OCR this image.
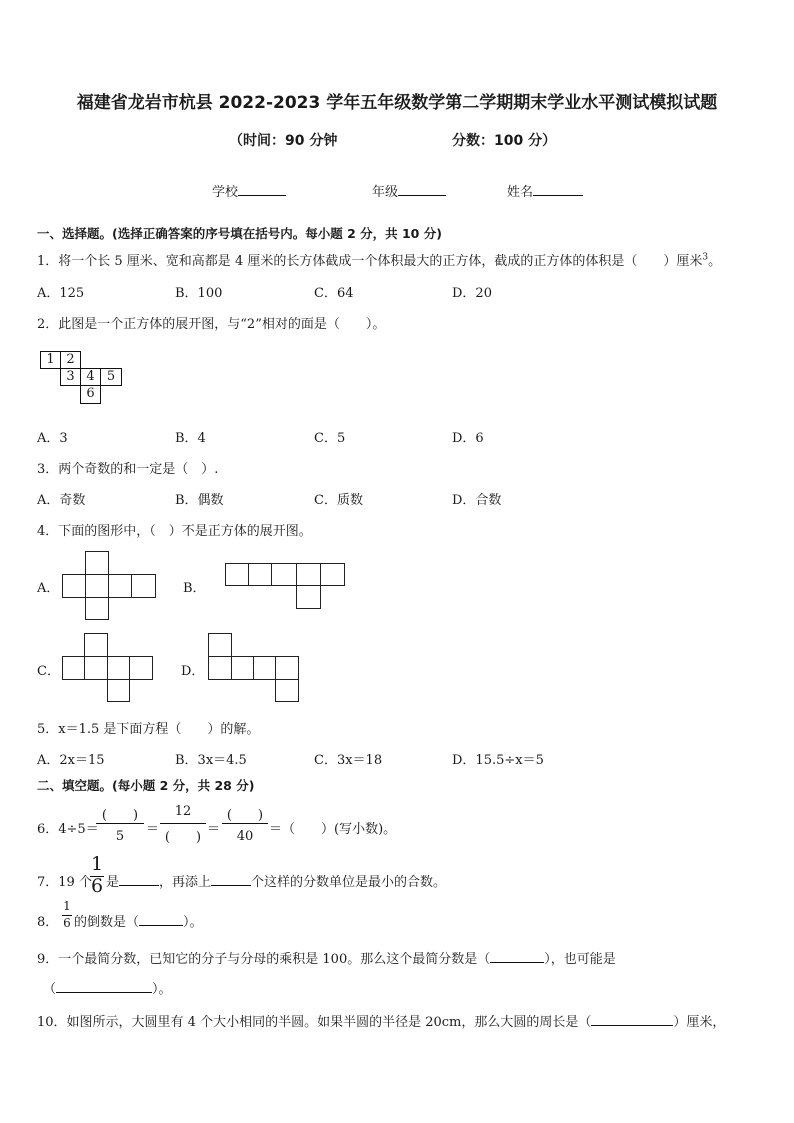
福建省龙岩市杭县 2022-2023 学年五年级数学第二学期期末学业水平测试模拟试题
（时间：90 分钟	分数：100 分）
学校	年级	姓名
一、选择题。(选择正确答案的序号填在括号内。每小题 2 分，共 10 分)
1．将一个长 5 厘米、宽和高都是 4 厘米的长方体截成一个体积最大的正方体，截成的正方体的体积是（　　）厘米$^3$。
A．125	B．100	C．64	D．20
2．此图是一个正方体的展开图，与“2”相对的面是（　　）。
1 2
3 4 5
6
A．3	B．4	C．5	D．6
3．两个奇数的和一定是（　）.
A．奇数	B．偶数	C．质数	D．合数
4．下面的图形中，（　）不是正方体的展开图。
A．	B．
C．	D．
5．x＝1.5 是下面方程（　　）的解。
A．2x＝15	B．3x＝4.5	C．3x＝18	D．15.5÷x＝5
二、填空题。(每小题 2 分，共 28 分)
6．4÷5＝
(　　)
5	＝
12
(　　)
＝
(　　)
40	＝（　　）(写小数)。
7．19 个
1
6 是	，再添上	个这样的分数单位是最小的合数。
8．
1
6 的倒数是（	）。
9．一个最简分数，已知它的分子与分母的乘积是 100。那么这个最简分数是（	），也可能是
（	）。
10．如图所示，大圆里有 4 个大小相同的半圆。如果半圆的半径是 20cm，那么大圆的周长是（	）厘米，
